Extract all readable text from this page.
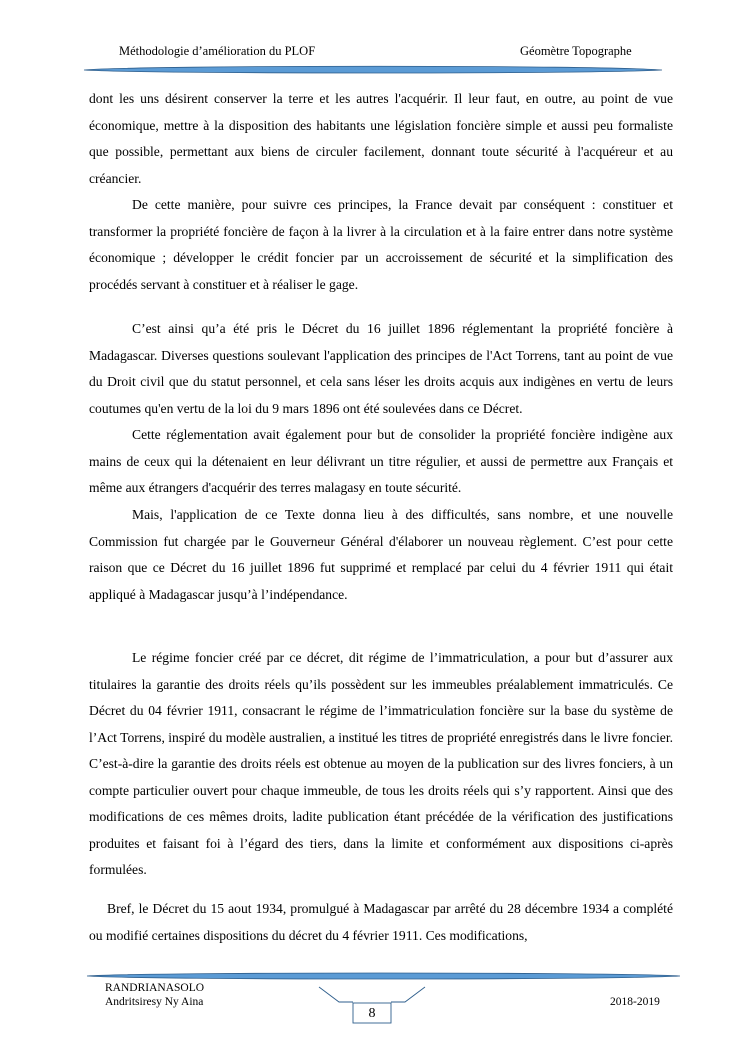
Méthodologie d’amélioration du PLOF	Géomètre Topographe

dont les uns désirent conserver la terre et les autres l'acquérir. Il leur faut, en outre, au point de vue économique, mettre à la disposition des habitants une législation foncière simple et aussi peu formaliste que possible, permettant aux biens de circuler facilement, donnant toute sécurité à l'acquéreur et au créancier.

De cette manière, pour suivre ces principes, la France devait par conséquent : constituer et transformer la propriété foncière de façon à la livrer à la circulation et à la faire entrer dans notre système économique ; développer le crédit foncier par un accroissement de sécurité et la simplification des procédés servant à constituer et à réaliser le gage.

C’est ainsi qu’a été pris le Décret du 16 juillet 1896 réglementant la propriété foncière à Madagascar. Diverses questions soulevant l'application des principes de l'Act Torrens, tant au point de vue du Droit civil que du statut personnel, et cela sans léser les droits acquis aux indigènes en vertu de leurs coutumes qu'en vertu de la loi du 9 mars 1896 ont été soulevées dans ce Décret.

Cette réglementation avait également pour but de consolider la propriété foncière indigène aux mains de ceux qui la détenaient en leur délivrant un titre régulier, et aussi de permettre aux Français et même aux étrangers d'acquérir des terres malagasy en toute sécurité.

Mais, l'application de ce Texte donna lieu à des difficultés, sans nombre, et une nouvelle Commission fut chargée par le Gouverneur Général d'élaborer un nouveau règlement. C’est pour cette raison que ce Décret du 16 juillet 1896 fut supprimé et remplacé par celui du 4 février 1911 qui était appliqué à Madagascar jusqu’à l’indépendance.

Le régime foncier créé par ce décret, dit régime de l’immatriculation, a pour but d’assurer aux titulaires la garantie des droits réels qu’ils possèdent sur les immeubles préalablement immatriculés. Ce Décret du 04 février 1911, consacrant le régime de l’immatriculation foncière sur la base du système de l’Act Torrens, inspiré du modèle australien, a institué les titres de propriété enregistrés dans le livre foncier. C’est-à-dire la garantie des droits réels est obtenue au moyen de la publication sur des livres fonciers, à un compte particulier ouvert pour chaque immeuble, de tous les droits réels qui s’y rapportent. Ainsi que des modifications de ces mêmes droits, ladite publication étant précédée de la vérification des justifications produites et faisant foi à l’égard des tiers, dans la limite et conformément aux dispositions ci-après formulées.

Bref, le Décret du 15 aout 1934, promulgué à Madagascar par arrêté du 28 décembre 1934 a complété ou modifié certaines dispositions du décret du 4 février 1911. Ces modifications,

RANDRIANASOLO
Andritsiresy Ny Aina
8
2018-2019
